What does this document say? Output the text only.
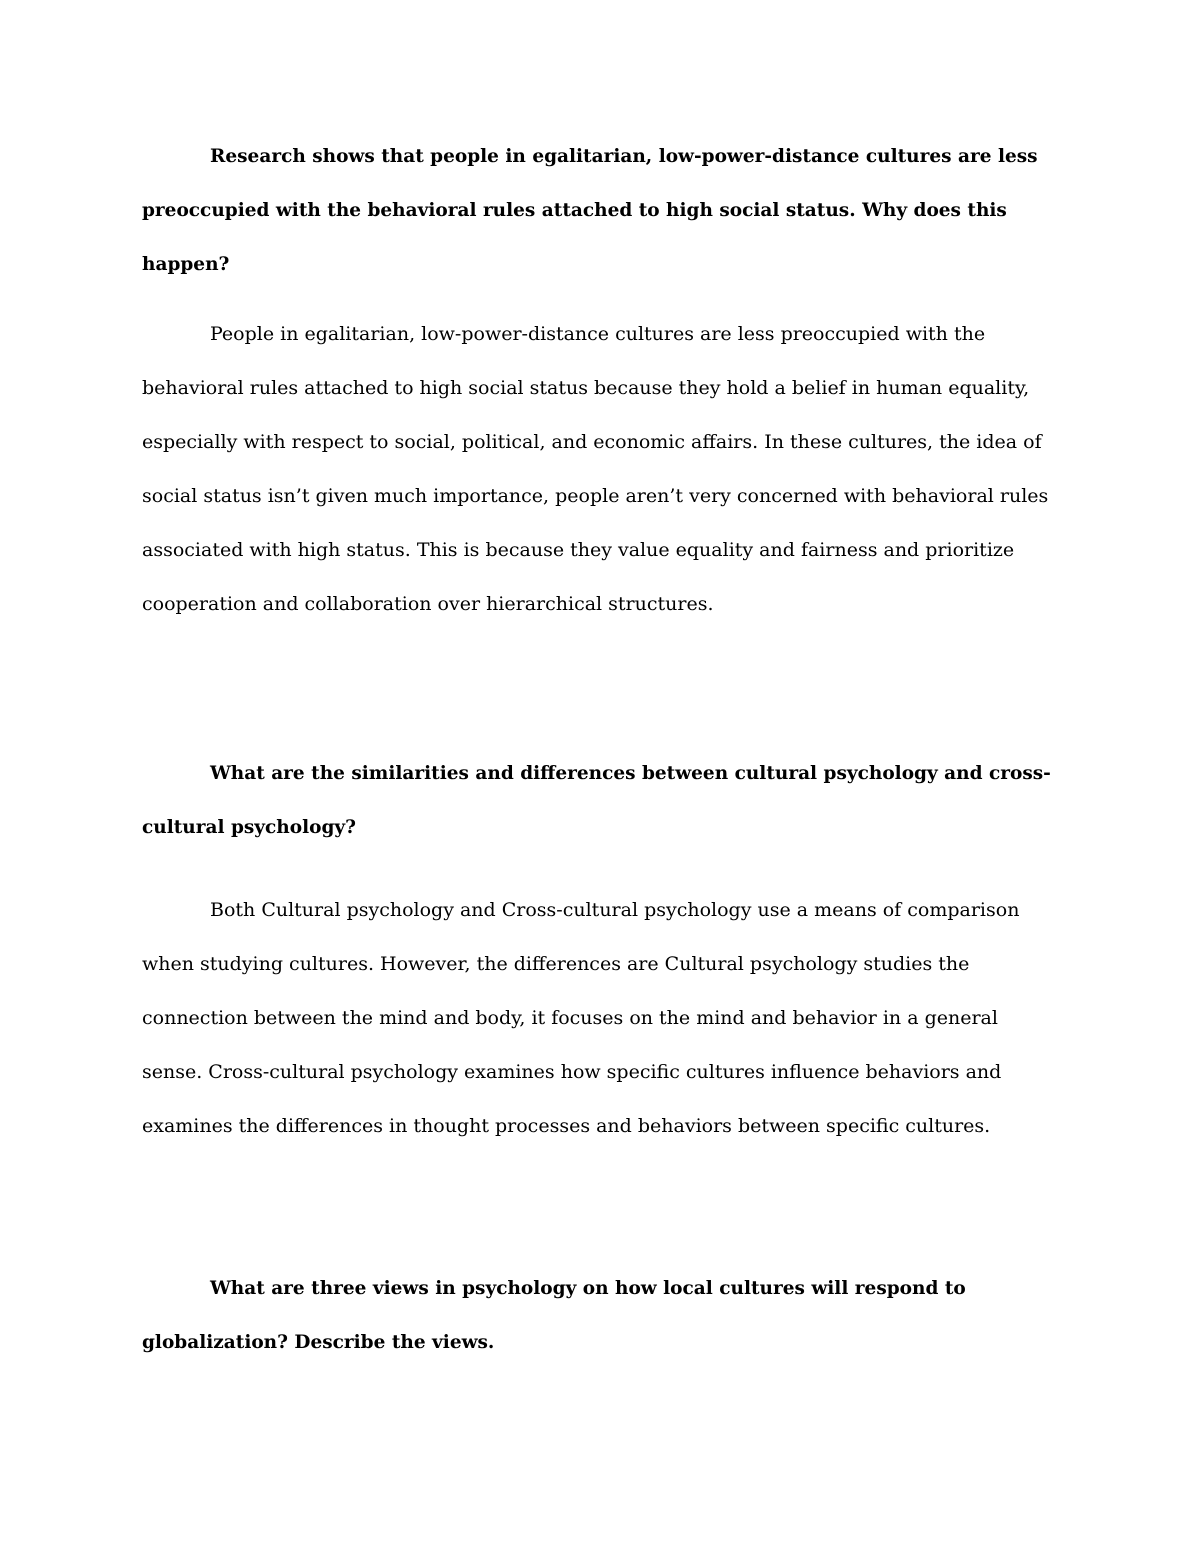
Research shows that people in egalitarian, low-power-distance cultures are less preoccupied with the behavioral rules attached to high social status. Why does this happen?

People in egalitarian, low-power-distance cultures are less preoccupied with the behavioral rules attached to high social status because they hold a belief in human equality, especially with respect to social, political, and economic affairs. In these cultures, the idea of social status isn’t given much importance, people aren’t very concerned with behavioral rules associated with high status. This is because they value equality and fairness and prioritize cooperation and collaboration over hierarchical structures.

What are the similarities and differences between cultural psychology and cross-cultural psychology?

Both Cultural psychology and Cross-cultural psychology use a means of comparison when studying cultures. However, the differences are Cultural psychology studies the connection between the mind and body, it focuses on the mind and behavior in a general sense. Cross-cultural psychology examines how specific cultures influence behaviors and examines the differences in thought processes and behaviors between specific cultures.

What are three views in psychology on how local cultures will respond to globalization? Describe the views.
